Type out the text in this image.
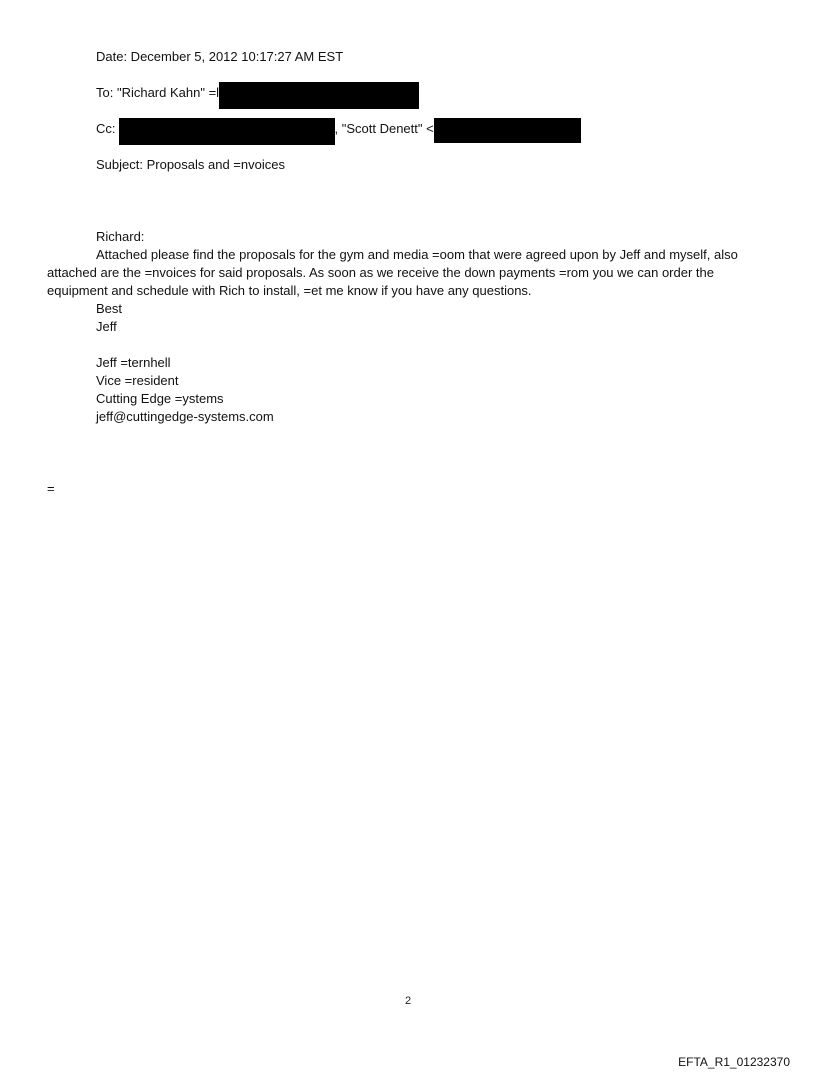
Date: December 5, 2012 10:17:27 AM EST
To: "Richard Kahn" =l
Cc:	, "Scott Denett" <
Subject: Proposals and =nvoices
Richard:
Attached please find the proposals for the gym and media =oom that were agreed upon by Jeff and myself, also
attached are the =nvoices for said proposals. As soon as we receive the down payments =rom you we can order the
equipment and schedule with Rich to install, =et me know if you have any questions.
Best
Jeff
Jeff =ternhell
Vice =resident
Cutting Edge =ystems
jeff@cuttingedge-systems.com
=
2
EFTA_R1_01232370
